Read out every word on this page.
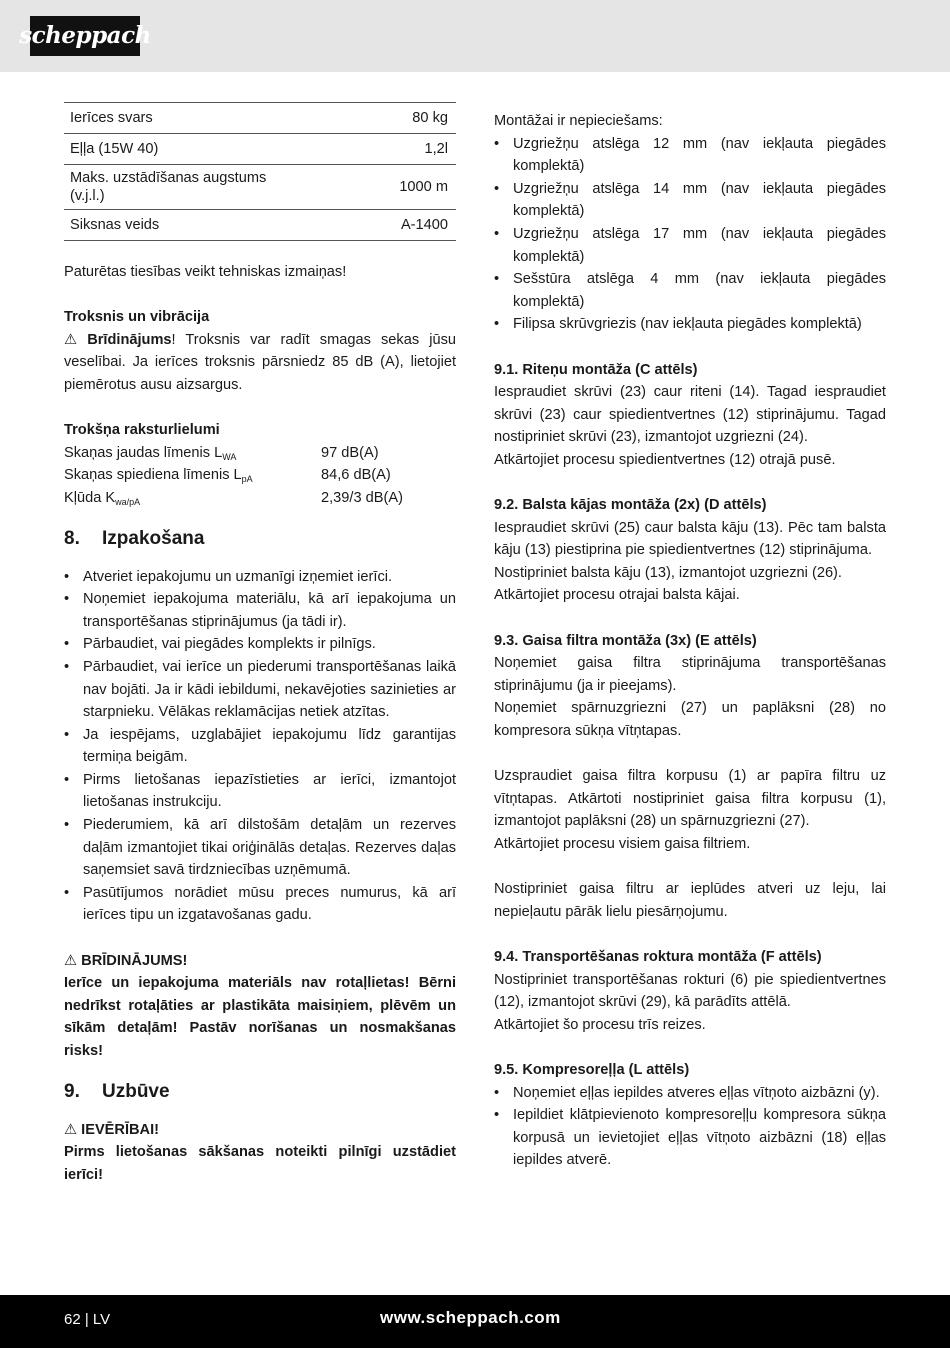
scheppach
Ierīces svars	80 kg
Eļļa (15W 40)	1,2l
Maks. uzstādīšanas augstums (v.j.l.)	1000 m
Siksnas veids	A-1400

Paturētas tiesības veikt tehniskas izmaiņas!

Troksnis un vibrācija

⚠ Brīdinājums! Troksnis var radīt smagas sekas jūsu veselībai. Ja ierīces troksnis pārsniedz 85 dB (A), lietojiet piemērotus ausu aizsargus.

Trokšņa raksturlielumi

Skaņas jaudas līmenis $L_{WA}$	97 dB(A)
Skaņas spiediena līmenis $L_{pA}$	84,6 dB(A)
Kļūda $K_{wa/pA}$	2,39/3 dB(A)
8. Izpakošana
• Atveriet iepakojumu un uzmanīgi izņemiet ierīci.
• Noņemiet iepakojuma materiālu, kā arī iepakojuma un transportēšanas stiprinājumus (ja tādi ir).
• Pārbaudiet, vai piegādes komplekts ir pilnīgs.
• Pārbaudiet, vai ierīce un piederumi transportēšanas laikā nav bojāti. Ja ir kādi iebildumi, nekavējoties sazinieties ar starpnieku. Vēlākas reklamācijas netiek atzītas.
• Ja iespējams, uzglabājiet iepakojumu līdz garantijas termiņa beigām.
• Pirms lietošanas iepazīstieties ar ierīci, izmantojot lietošanas instrukciju.
• Piederumiem, kā arī dilstošām detaļām un rezerves daļām izmantojiet tikai oriģinālās detaļas. Rezerves daļas saņemsiet savā tirdzniecības uzņēmumā.
• Pasūtījumos norādiet mūsu preces numurus, kā arī ierīces tipu un izgatavošanas gadu.

⚠ BRĪDINĀJUMS!

Ierīce un iepakojuma materiāls nav rotaļlietas! Bērni nedrīkst rotaļāties ar plastikāta maisiņiem, plēvēm un sīkām detaļām! Pastāv norīšanas un nosmakšanas risks!

9. Uzbūve

⚠ IEVĒRĪBAI!

Pirms lietošanas sākšanas noteikti pilnīgi uzstādiet ierīci!

Montāžai ir nepieciešams:

• Uzgriežņu atslēga 12 mm (nav iekļauta piegādes komplektā)
• Uzgriežņu atslēga 14 mm (nav iekļauta piegādes komplektā)
• Uzgriežņu atslēga 17 mm (nav iekļauta piegādes komplektā)
• Sešstūra atslēga 4 mm (nav iekļauta piegādes komplektā)
• Filipsa skrūvgriezis (nav iekļauta piegādes komplektā)

9.1. Riteņu montāža (C attēls)

Iespraudiet skrūvi (23) caur riteni (14). Tagad iespraudiet skrūvi (23) caur spiedientvertnes (12) stiprinājumu. Tagad nostipriniet skrūvi (23), izmantojot uzgriezni (24).

Atkārtojiet procesu spiedientvertnes (12) otrajā pusē.

9.2. Balsta kājas montāža (2x) (D attēls)

Iespraudiet skrūvi (25) caur balsta kāju (13). Pēc tam balsta kāju (13) piestiprina pie spiedientvertnes (12) stiprinājuma.

Nostipriniet balsta kāju (13), izmantojot uzgriezni (26).

Atkārtojiet procesu otrajai balsta kājai.

9.3. Gaisa filtra montāža (3x) (E attēls)

Noņemiet gaisa filtra stiprinājuma transportēšanas stiprinājumu (ja ir pieejams).

Noņemiet spārnuzgriezni (27) un paplāksni (28) no kompresora sūkņa vītņtapas.

Uzspraudiet gaisa filtra korpusu (1) ar papīra filtru uz vītņtapas. Atkārtoti nostipriniet gaisa filtra korpusu (1), izmantojot paplāksni (28) un spārnuzgriezni (27).

Atkārtojiet procesu visiem gaisa filtriem.

Nostipriniet gaisa filtru ar ieplūdes atveri uz leju, lai nepieļautu pārāk lielu piesārņojumu.

9.4. Transportēšanas roktura montāža (F attēls)

Nostipriniet transportēšanas rokturi (6) pie spiedientvertnes (12), izmantojot skrūvi (29), kā parādīts attēlā.

Atkārtojiet šo procesu trīs reizes.

9.5. Kompresoreļļa (L attēls)

• Noņemiet eļļas iepildes atveres eļļas vītņoto aizbāzni (y).
• Iepildiet klātpievienoto kompresoreļļu kompresora sūkņa korpusā un ievietojiet eļļas vītņoto aizbāzni (18) eļļas iepildes atverē.
62 | LV	www.scheppach.com
